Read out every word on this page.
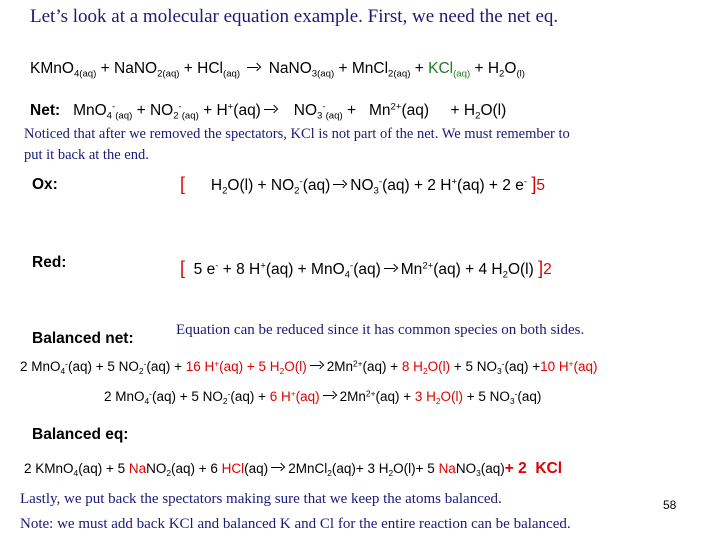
Let’s look at a molecular equation example. First, we need the net eq.
KMnO$_{4(aq)}$ + NaNO$_{2(aq)}$ + HCl$_{(aq)}$ NaNO$_{3(aq)}$ + MnCl$_{2(aq)}$ + $KCl_{(aq)} + H_2O_{(l)}$
Net: $MnO_4^-_{(aq)} + NO_2^-_{(aq)} + H^+(aq) NO_3^-_{(aq)} + Mn^{2+}(aq)$     + $H_2O(l)$
Noticed that after we removed the spectators, KCl is not part of the net. We must remember to
put it back at the end.
Ox:	[ $H_2O(l) + NO_2^-(aq) NO_3^-(aq) + 2$ H+(aq) + 2 e- ]5
Red:	[ 5 e- + 8 H+(aq) + MnO$_4$-(aq) $Mn^{2+}(aq) + 4$ $H_2O(l)$ ]2
Balanced net:	Equation can be reduced since it has common species on both sides.
2 MnO$_4$-(aq) + 5 $NO_2^-(aq) + 16$ H+(aq) + 5 $H_2O(l) 2Mn^{2+}(aq) + 8$ $H_2O(l) + 5$ $NO_3^-(aq) +10$ H+(aq)
2 MnO$_4$-(aq) + 5 $NO_2^-(aq) + 6$ H+(aq) $2Mn^{2+}(aq) + 3$ $H_2O(l) + 5$ $NO_3^-(aq)$
Balanced eq:
2 KMnO$_4$(aq) + 5 NaNO$_2$(aq) + 6 HCl(aq) 2MnCl$_2$(aq)+ 3 $H_2O(l)+ 5$ NaNO$_3$(aq)+ 2  KCl
Lastly, we put back the spectators making sure that we keep the atoms balanced.	58
Note: we must add back KCl and balanced K and Cl for the entire reaction can be balanced.
